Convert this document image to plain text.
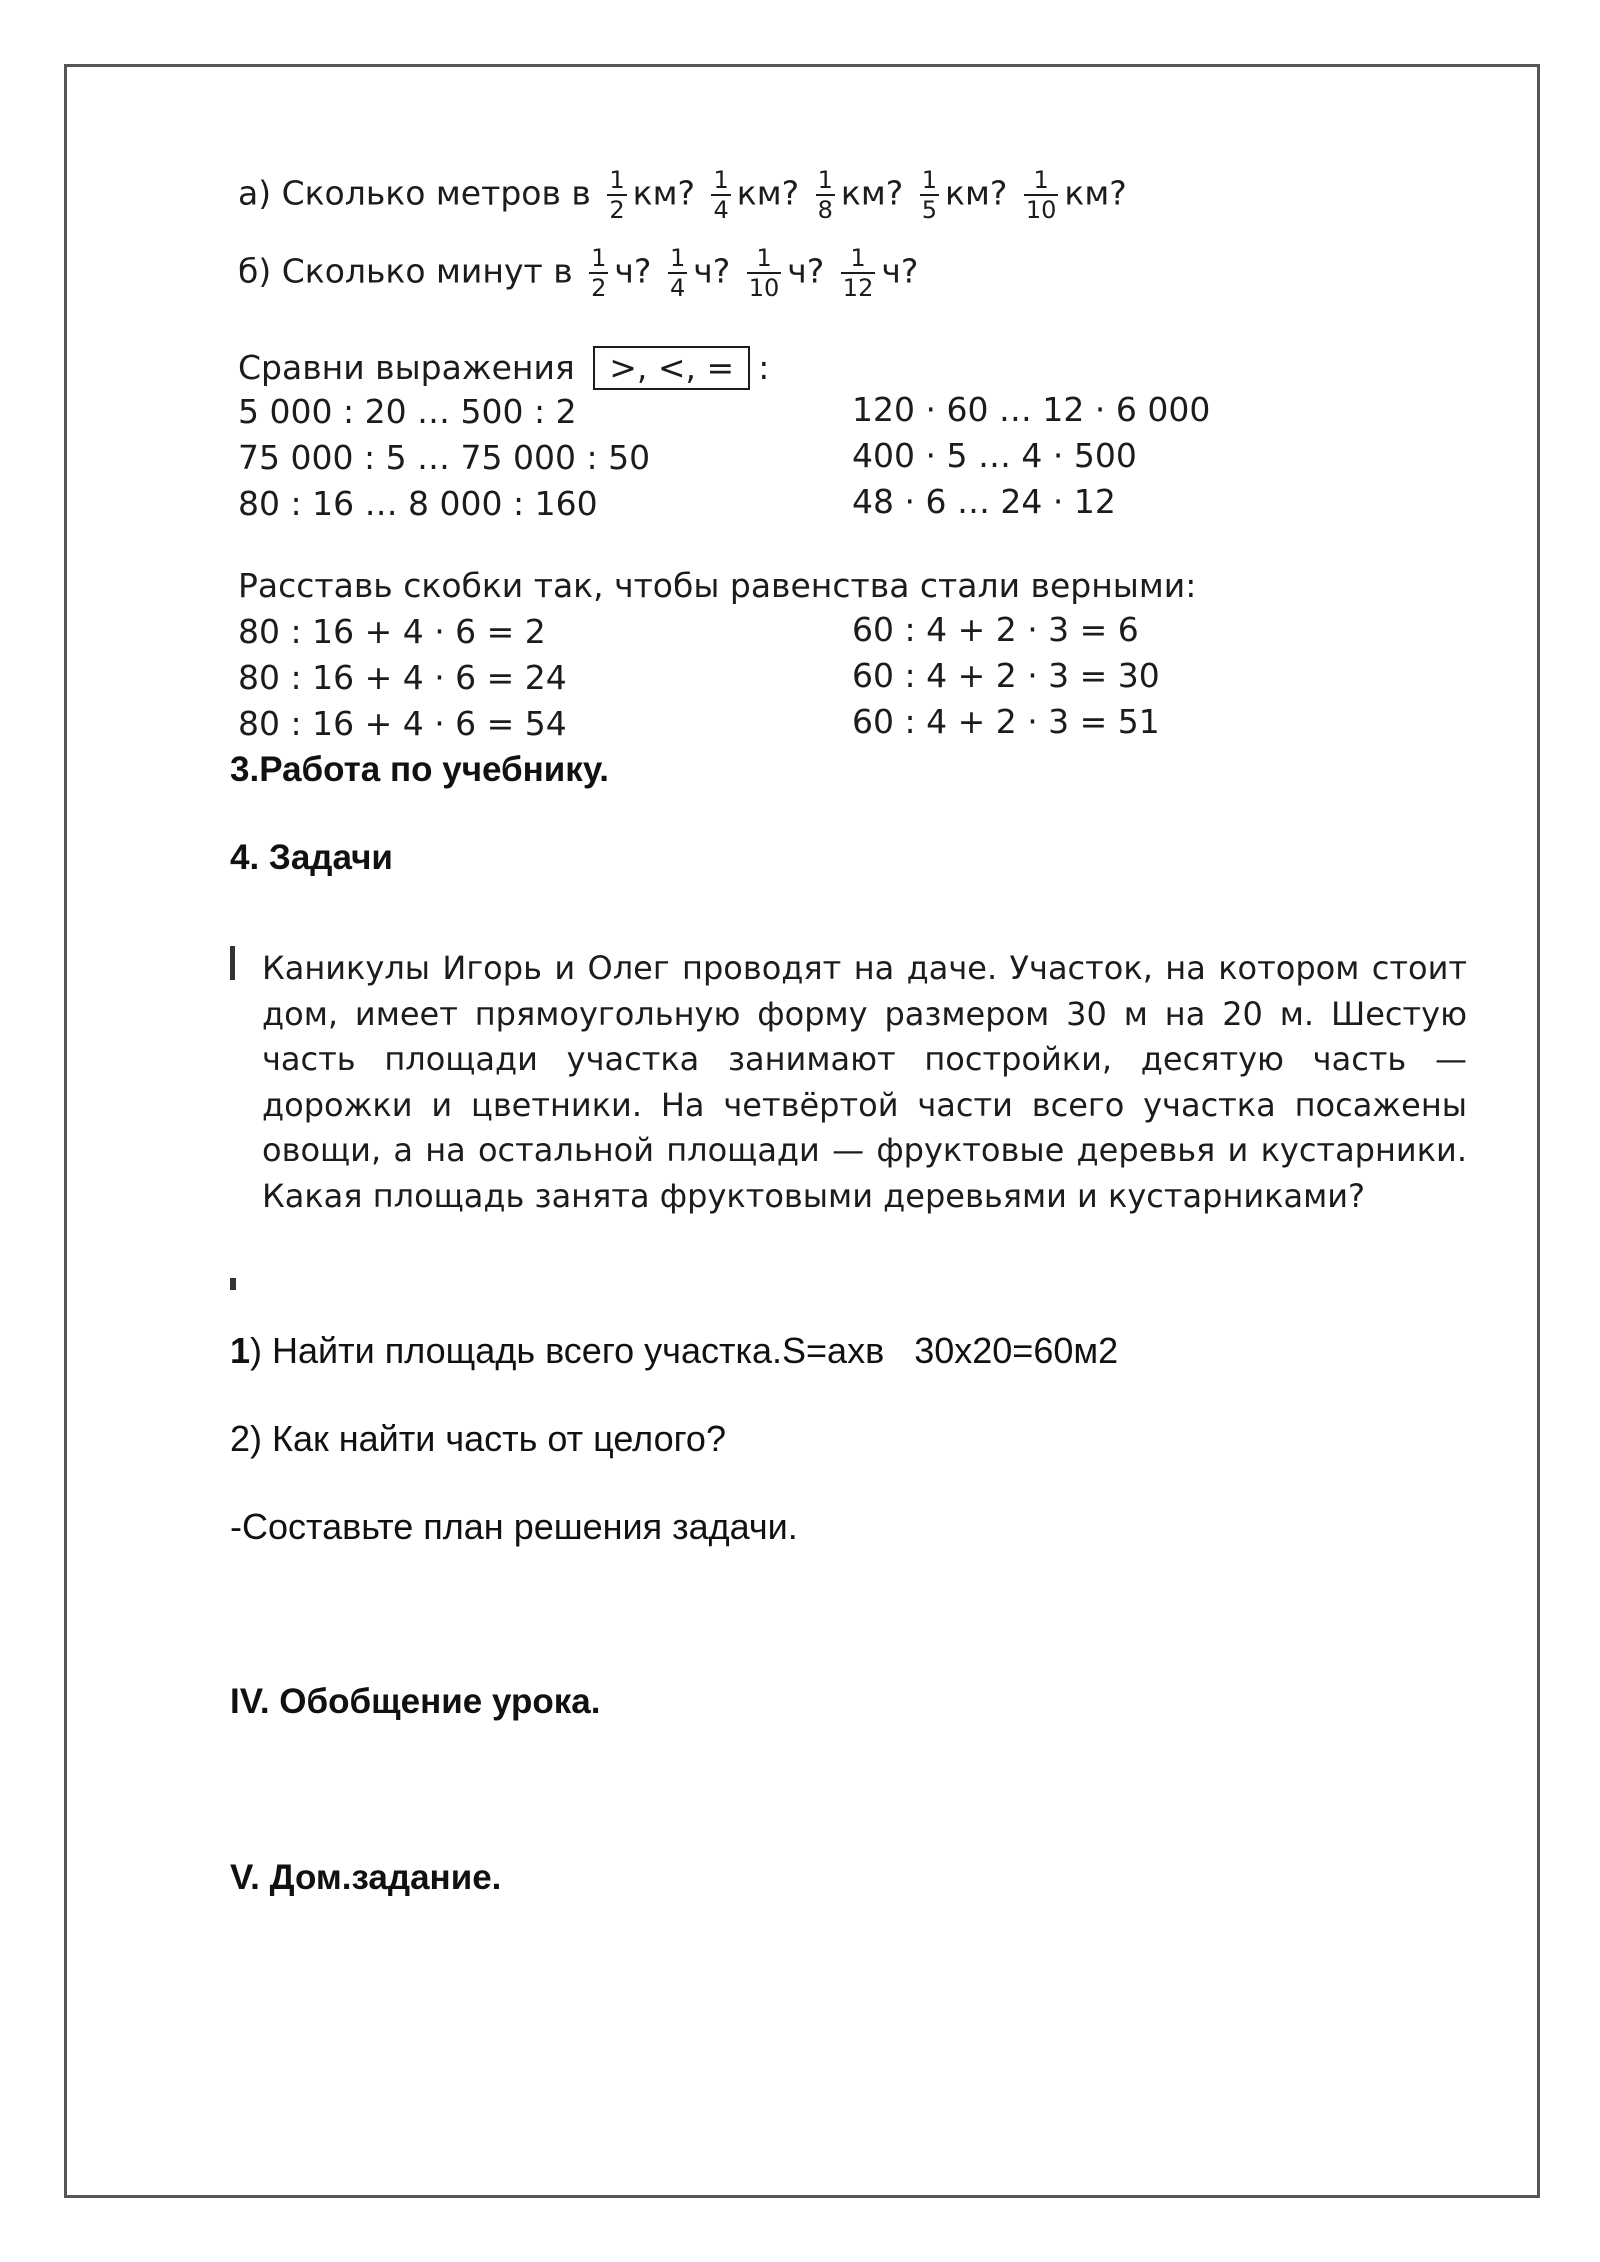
а) Сколько метров в $\frac{1}{2}$ км? $\frac{1}{4}$ км? $\frac{1}{8}$ км? $\frac{1}{5}$ км? $\frac{1}{10}$ км?
б) Сколько минут в $\frac{1}{2} ч$? $\frac{1}{4} ч$? $\frac{1}{10} ч$? $\frac{1}{12} ч$?
Сравни выражения >, <, = :
5 000 : 20 … 500 : 2
75 000 : 5 … 75 000 : 50
80 : 16 … 8 000 : 160
120 · 60 … 12 · 6 000
400 · 5 … 4 · 500
48 · 6 … 24 · 12
Расставь скобки так, чтобы равенства стали верными:
80 : 16 + 4 · 6 = 2
80 : 16 + 4 · 6 = 24
80 : 16 + 4 · 6 = 54
60 : 4 + 2 · 3 = 6
60 : 4 + 2 · 3 = 30
60 : 4 + 2 · 3 = 51
3.Работа по учебнику.
4. Задачи
Каникулы Игорь и Олег проводят на даче. Участок, на котором стоит дом, имеет прямоугольную форму размером 30 м на 20 м. Шестую часть площади участка занимают постройки, десятую часть — дорожки и цветники. На четвёртой части всего участка посажены овощи, а на остальной площади — фруктовые деревья и кустарники. Какая площадь занята фруктовыми деревьями и кустарниками?
1) Найти площадь всего участка.S=ахв   30х20=60м2
2) Как найти часть от целого?
-Составьте план решения задачи.
IV. Обобщение урока.
V. Дом.задание.
